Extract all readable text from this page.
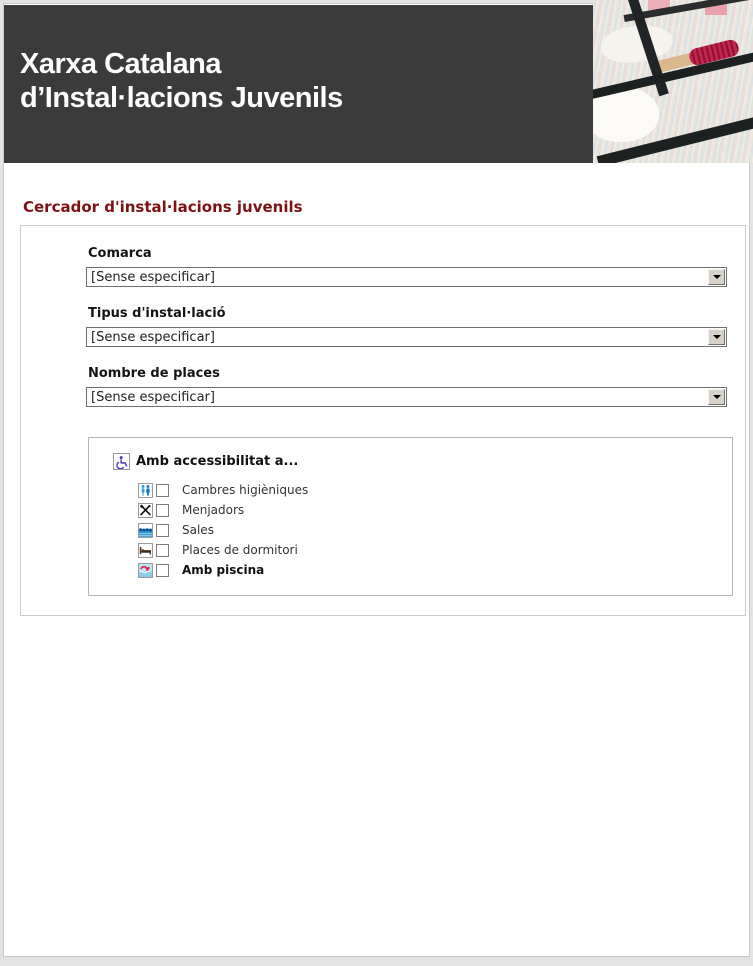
Xarxa Catalana
d’Instal·lacions Juvenils
Cercador d'instal·lacions juvenils
Comarca
[Sense especificar]
Tipus d'instal·lació
[Sense especificar]
Nombre de places
[Sense especificar]
Amb accessibilitat a...
Cambres higièniques
Menjadors
Sales
Places de dormitori
Amb piscina
